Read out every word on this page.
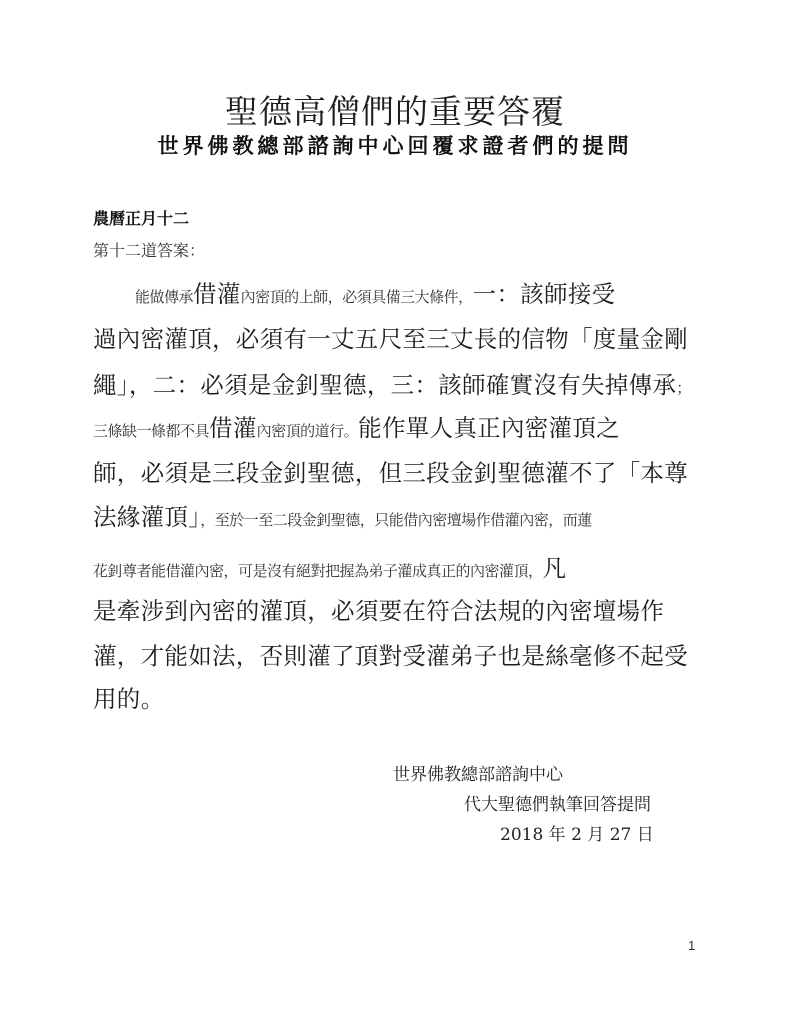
聖德高僧們的重要答覆
世界佛教總部諮詢中心回覆求證者們的提問
農曆正月十二
第十二道答案：
能做傳承借灌內密頂的上師，必須具備三大條件，一：該師接受
過內密灌頂，必須有一丈五尺至三丈長的信物「度量金剛
繩」，二：必須是金釗聖德，三：該師確實沒有失掉傳承；
三條缺一條都不具借灌內密頂的道行。能作單人真正內密灌頂之
師，必須是三段金釗聖德，但三段金釗聖德灌不了「本尊
法緣灌頂」，至於一至二段金釗聖德，只能借內密壇場作借灌內密，而蓮
花釗尊者能借灌內密，可是沒有絕對把握為弟子灌成真正的內密灌頂，凡
是牽涉到內密的灌頂，必須要在符合法規的內密壇場作
灌，才能如法，否則灌了頂對受灌弟子也是絲毫修不起受
用的。
世界佛教總部諮詢中心
代大聖德們執筆回答提問
2018 年 2 月 27 日
1
